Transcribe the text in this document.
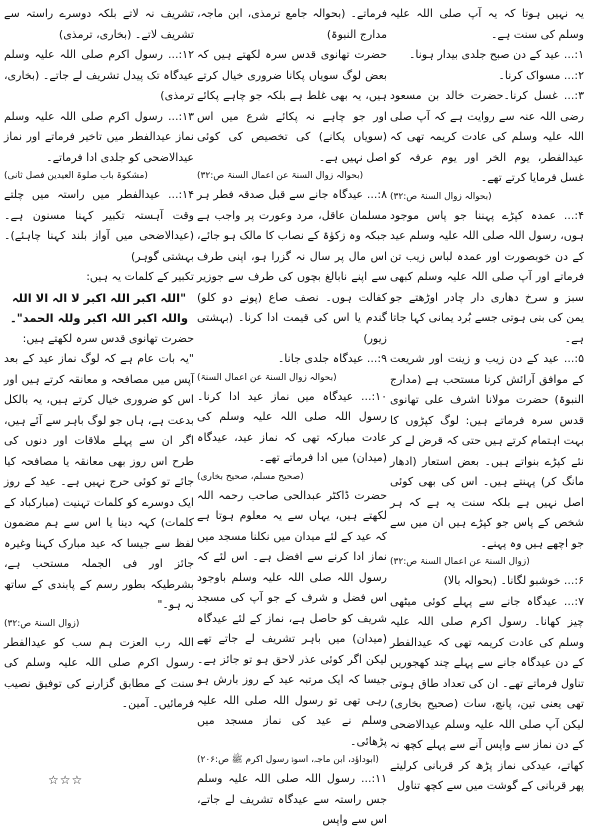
یہ نہیں ہوتا کہ یہ آپ صلی اللہ علیہ وسلم کی سنت ہے۔

۱:... عید کے دن صبح جلدی بیدار ہونا۔

۲:... مسواک کرنا۔

۳:... غسل کرنا۔حضرت خالد بن مسعود رضی اللہ عنہ سے روایت ہے کہ آپ صلی اللہ علیہ وسلم کی عادت کریمہ تھی کہ عیدالفطر، یوم الخر اور یوم عرفہ کو غسل فرمایا کرتے تھے۔

(بحوالہ زوال السنۃ ص:۳۲)

۴:... عمدہ کپڑے پہننا جو پاس موجود ہوں، رسول اللہ صلی اللہ علیہ وسلم عید کے دن خوبصورت اور عمدہ لباس زیب تن فرماتے اور آپ صلی اللہ علیہ وسلم کبھی سبز و سرخ دھاری دار چادر اوڑھتے جو یمن کی بنی ہوتی جسے بُرد یمانی کہا جاتا ہے۔

۵:... عید کے دن زیب و زینت اور شریعت کے موافق آرائش کرنا مستحب ہے (مدارج النبوۃ) حضرت مولانا اشرف علی تھانوی قدس سرہ فرماتے ہیں: لوگ کپڑوں کا بہت اہتمام کرتے ہیں حتی کہ قرض لے کر نئے کپڑے بنواتے ہیں۔ بعض استعار (ادھار مانگ کر) پہنتے ہیں۔ اس کی بھی کوئی اصل نہیں ہے بلکہ سنت یہ ہے کہ ہر شخص کے پاس جو کپڑے ہیں ان میں سے جو اچھے ہیں وہ پہنے۔

(زوال السنۃ عن اعمال السنۃ ص:۳۲)

۶:... خوشبو لگانا۔ (بحوالہ بالا)

۷:... عیدگاہ جانے سے پہلے کوئی میٹھی چیز کھانا۔ رسول اکرم صلی اللہ علیہ وسلم کی عادت کریمہ تھی کہ عیدالفطر کے دن عیدگاہ جانے سے پہلے چند کھجوریں تناول فرماتے تھے۔ ان کی تعداد طاق ہوتی تھی یعنی تین، پانچ، سات (صحیح بخاری) لیکن آپ صلی اللہ علیہ وسلم عیدالاضحی کے دن نماز سے واپس آنے سے پہلے کچھ نہ کھاتے، عیدکی نماز پڑھ کر قربانی کرلیتے پھر قربانی کے گوشت میں سے کچھ تناول

فرماتے۔ (بحوالہ جامع ترمذی، ابن ماجہ، مدارج النبوۃ)

حضرت تھانوی قدس سرہ لکھتے ہیں کہ بعض لوگ سویاں پکانا ضروری خیال کرتے ہیں، یہ بھی غلط ہے بلکہ جو چاہے پکائے اور جو چاہے نہ پکائے شرع میں اس (سویاں پکانے) کی تخصیص کی کوئی اصل نہیں ہے۔

(بحوالہ زوال السنۃ عن اعمال السنۃ ص:۳۲)

۸:... عیدگاہ جانے سے قبل صدقہ فطر ہر مسلمان عاقل، مرد وعورت پر واجب ہے جبکہ وہ زکوٰۃ کے نصاب کا مالک ہو جائے، اس مال پر سال نہ گزرا ہو، اپنی طرف سے اپنے نابالغ بچوں کی طرف سے جوزیر کفالت ہوں۔ نصف صاع (پونے دو کلو) گندم یا اس کی قیمت ادا کرنا۔ (بہشتی زیور)

۹:... عیدگاہ جلدی جانا۔

(بحوالہ زوال السنۃ عن اعمال السنۃ)

۱۰:... عیدگاہ میں نماز عید ادا کرنا۔ رسول اللہ صلی اللہ علیہ وسلم کی عادت مبارکہ تھی کہ نماز عید، عیدگاہ (میدان) میں ادا فرماتے تھے۔

(صحیح مسلم، صحیح بخاری)

حضرت ڈاکٹر عبدالحی صاحب رحمہ اللہ لکھتے ہیں، یہاں سے یہ معلوم ہوتا ہے کہ عید کے لئے میدان میں نکلنا مسجد میں نماز ادا کرنے سے افضل ہے۔ اس لئے کہ رسول اللہ صلی اللہ علیہ وسلم باوجود اس فضل و شرف کے جو آپ کی مسجد شریف کو حاصل ہے، نماز کے لئے عیدگاہ (میدان) میں باہر تشریف لے جاتے تھے لیکن اگر کوئی عذر لاحق ہو تو جائز ہے۔ جیسا کہ ایک مرتبہ عید کے روز بارش ہو رہی تھی تو رسول اللہ صلی اللہ علیہ وسلم نے عید کی نماز مسجد میں پڑھائی۔

(ابوداؤد، ابن ماجہ، اسوۂ رسول اکرم ﷺ ص:۲۰۶)

۱۱:... رسول اللہ صلی اللہ علیہ وسلم جس راستہ سے عیدگاہ تشریف لے جاتے، اس سے واپس

تشریف نہ لاتے بلکہ دوسرے راستہ سے تشریف لاتے۔ (بخاری، ترمذی)

۱۲:... رسول اکرم صلی اللہ علیہ وسلم عیدگاہ تک پیدل تشریف لے جاتے۔ (بخاری، ترمذی)

۱۳:... رسول اکرم صلی اللہ علیہ وسلم نماز عیدالفطر میں تاخیر فرماتے اور نماز عیدالاضحی کو جلدی ادا فرماتے۔

(مشکوۃ باب صلوۃ العیدین فصل ثانی)

۱۴:... عیدالفطر میں راستہ میں چلتے وقت آہستہ تکبیر کہنا مسنون ہے۔ (عیدالاضحی میں آواز بلند کہنا چاہئے)۔ بہشتی گوہر)

تکبیر کے کلمات یہ ہیں:

"اللہ اکبر اللہ اکبر لا الہ الا اللہ واللہ اکبر اللہ اکبر وللہ الحمد"۔

حضرت تھانوی قدس سرہ لکھتے ہیں:

"یہ بات عام ہے کہ لوگ نماز عید کے بعد آپس میں مصافحہ و معانقہ کرتے ہیں اور اس کو ضروری خیال کرتے ہیں، یہ بالکل بدعت ہے، ہاں جو لوگ باہر سے آئے ہیں، اگر ان سے پہلے ملاقات اور دنوں کی طرح اس روز بھی معانقہ یا مصافحہ کیا جائے تو کوئی حرج نہیں ہے۔ عید کے روز ایک دوسرے کو کلمات تہنیت (مبارکباد کے کلمات) کہہ دینا یا اس سے ہم مضمون لفظ سے جیسا کہ عید مبارک کہنا وغیرہ جائز اور فی الجملہ مستحب ہے، بشرطیکہ بطور رسم کے پابندی کے ساتھ نہ ہو۔"

(زوال السنۃ ص:۳۲)

اللہ رب العزت ہم سب کو عیدالفطر رسول اکرم صلی اللہ علیہ وسلم کی سنت کے مطابق گزارنے کی توفیق نصیب فرمائیں۔ آمین۔

☆☆☆
